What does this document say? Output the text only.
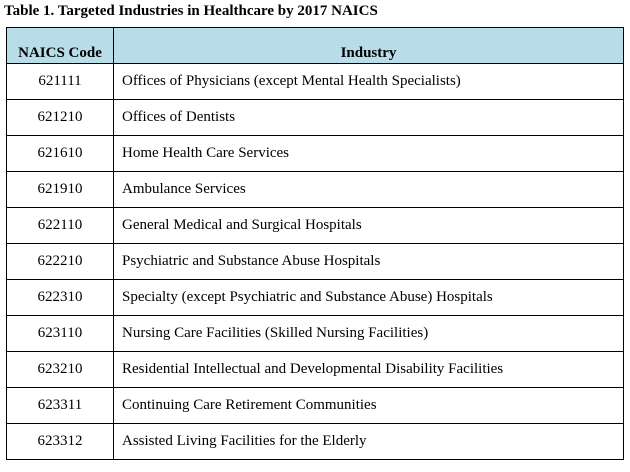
Table 1. Targeted Industries in Healthcare by 2017 NAICS
NAICS Code	Industry
621111	Offices of Physicians (except Mental Health Specialists)
621210	Offices of Dentists
621610	Home Health Care Services
621910	Ambulance Services
622110	General Medical and Surgical Hospitals
622210	Psychiatric and Substance Abuse Hospitals
622310	Specialty (except Psychiatric and Substance Abuse) Hospitals
623110	Nursing Care Facilities (Skilled Nursing Facilities)
623210	Residential Intellectual and Developmental Disability Facilities
623311	Continuing Care Retirement Communities
623312	Assisted Living Facilities for the Elderly
